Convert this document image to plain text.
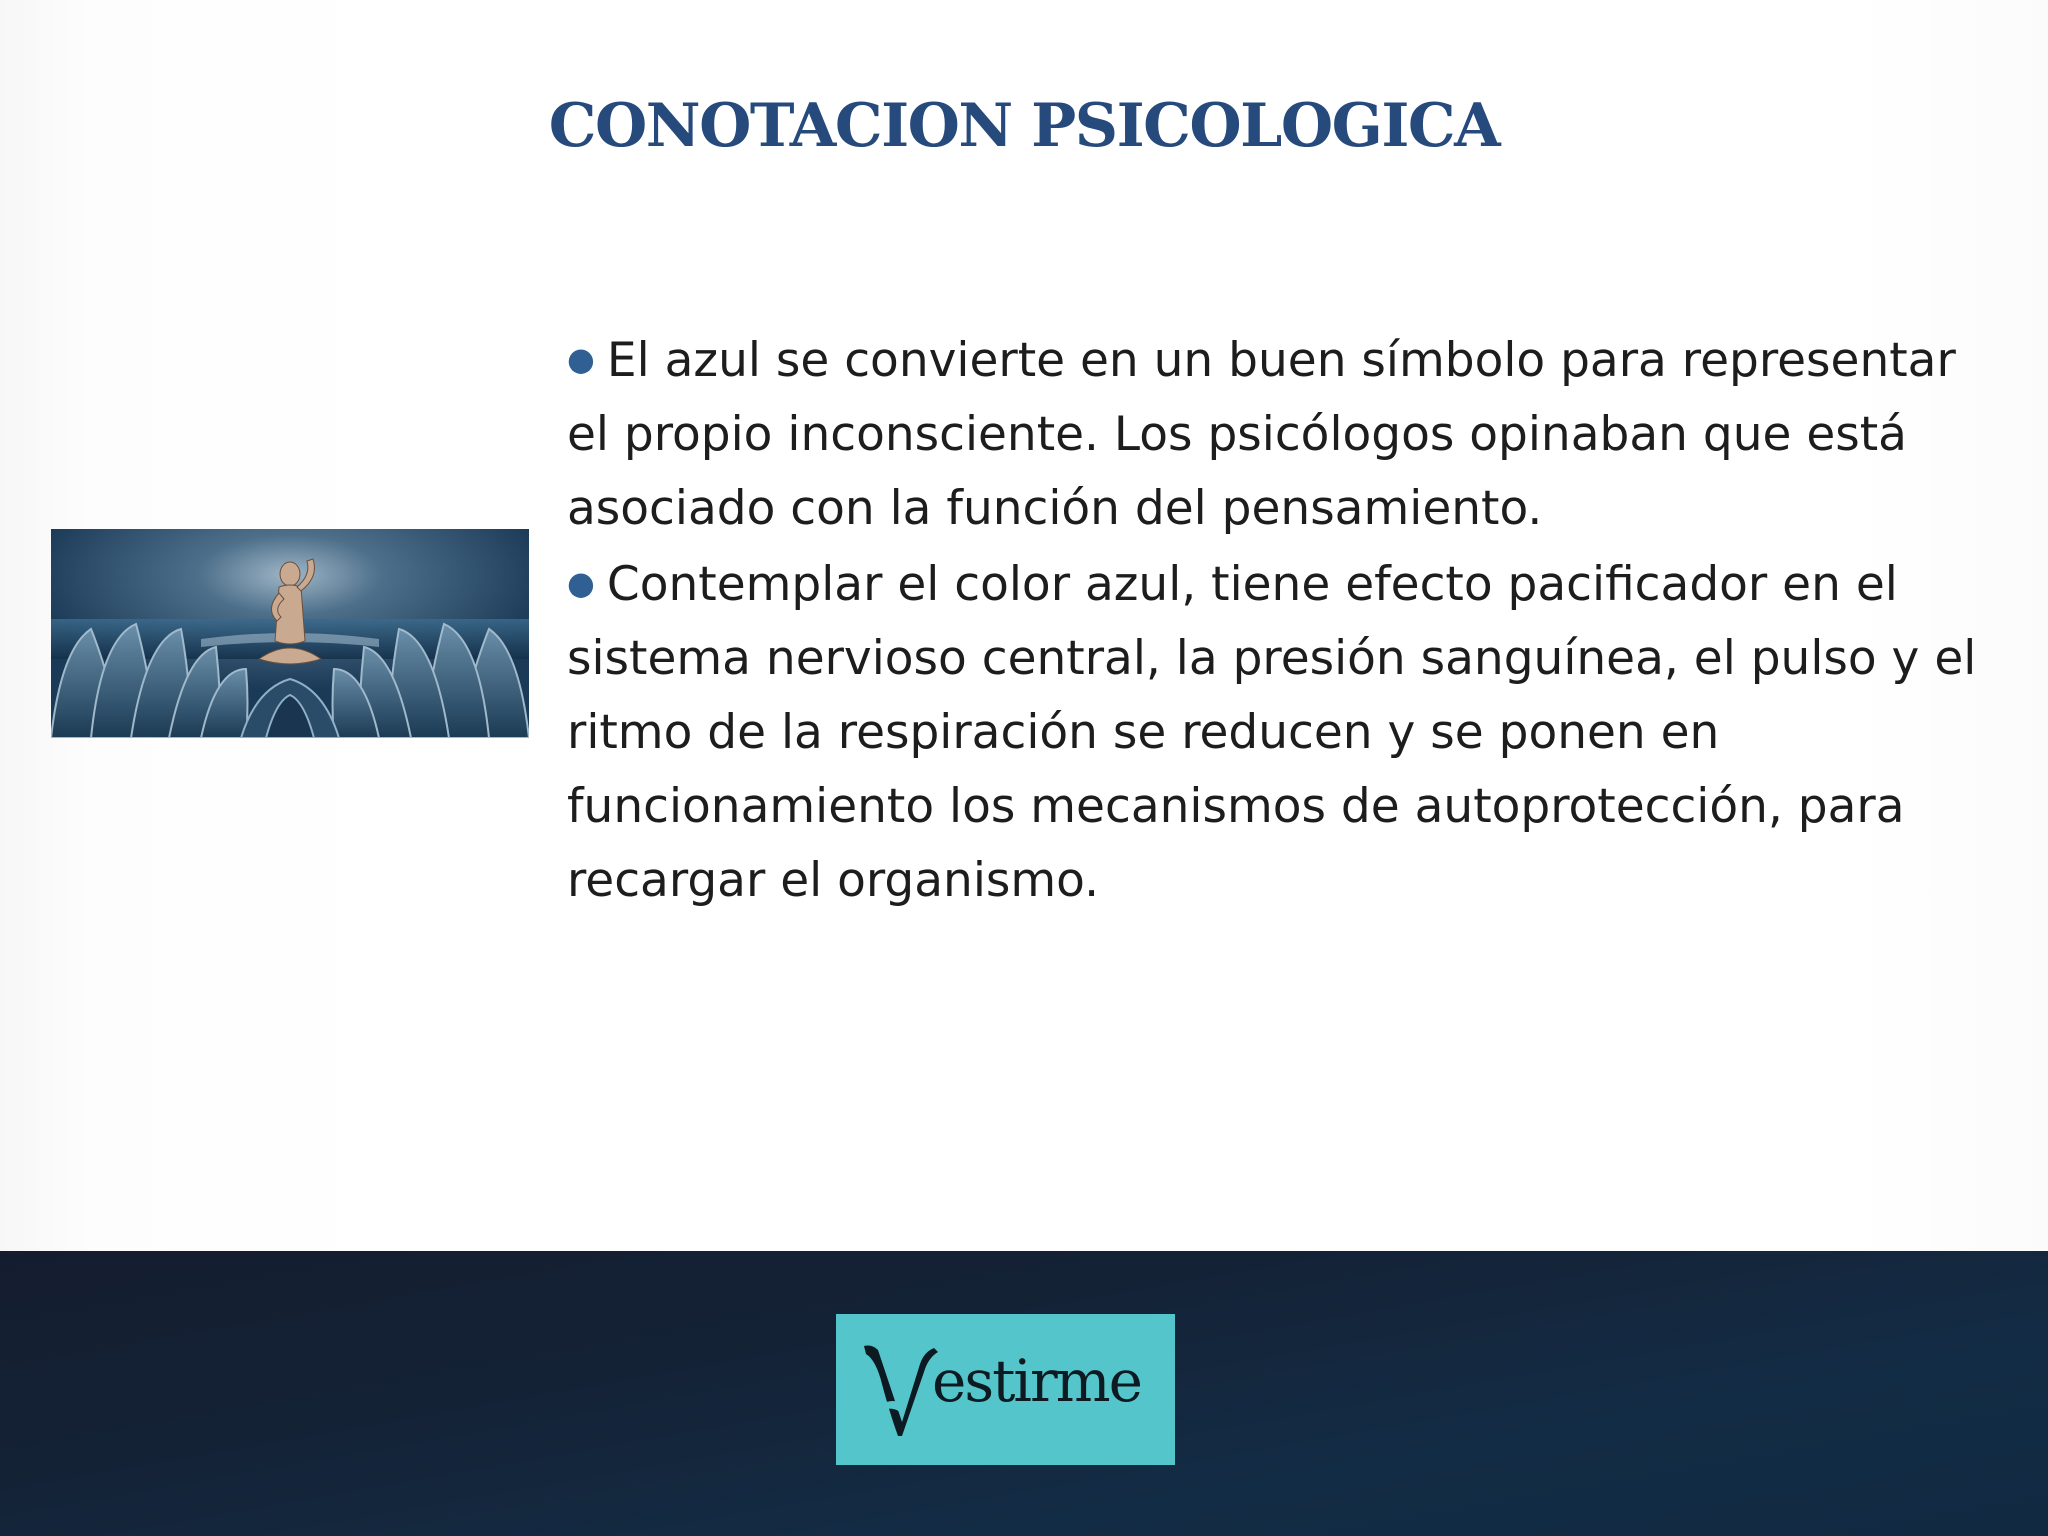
CONOTACION PSICOLOGICA

● El azul se convierte en un buen símbolo para representar el propio inconsciente. Los psicólogos opinaban que está asociado con la función del pensamiento.

● Contemplar el color azul, tiene efecto pacificador en el sistema nervioso central, la presión sanguínea, el pulso y el ritmo de la respiración se reducen y se ponen en funcionamiento los mecanismos de autoprotección, para recargar el organismo.

estirme
